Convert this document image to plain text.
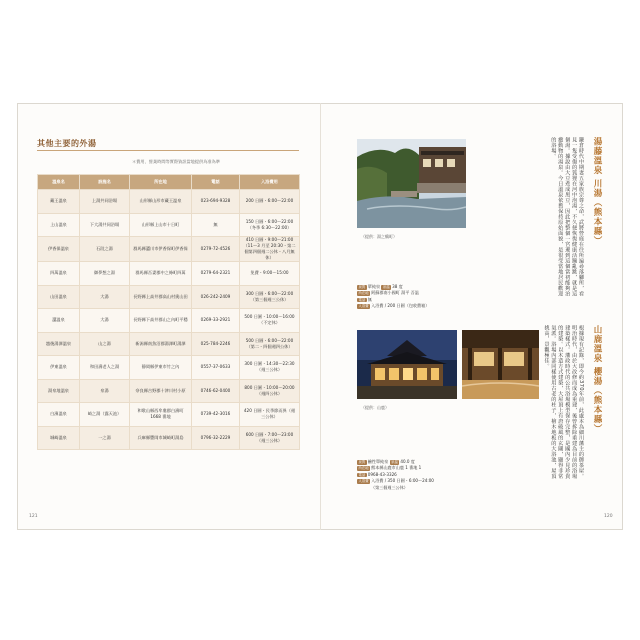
其他主要的外湯
＊費用、營業時間等實際資訊當地提供為准為準
溫泉名	設施名	所在地	電話	入浴費用
藏王溫泉	上湯共同浴場	山形縣山形市藏王溫泉	023-694-9328	200 日圓・6:00～22:00
上山溫泉	下大湯共同浴場	山形縣上山市十日町	無	150 日圓・6:00～22:00（冬季 6:30～22:00）
伊香保溫泉	石段之湯	群馬縣澀川市伊香保町伊香保	0279-72-4526	410 日圓・9:00～21:00（11～3 月至 20:30・第二個第四個週二公休・八月無休）
四萬溫泉	御夢想之湯	群馬縣吾妻郡中之條町四萬	0279-64-2321	免費・9:00～15:00
山田溫泉	大湯	長野縣上高井郡高山村奧山田	026-242-2409	300 日圓・6:00～22:00（第三個週三公休）
澀溫泉	大湯	長野縣下高井郡山之內町平穩	0269-33-2921	500 日圓・10:00～16:00（不定休）
越後湯澤溫泉	山之湯	新潟縣南魚沼郡湯澤町湯澤	025-784-2246	500 日圓・6:00～22:00（第二・四個週四公休）
伊東溫泉	和田壽老人之湯	靜岡縣伊東市竹之內	0557-37-0633	300 日圓・14:30～22:30（週三公休）
湯泉地溫泉	泉湯	奈良縣吉野郡十津川村小原	0746-62-0400	800 日圓・10:00～20:00（週四公休）
白濱溫泉	崎之湯（露天池）	和歌山縣西牟婁郡白濱町 1668 番地	0739-42-3016	420 日圓・民季節而異（週三公休）
城崎溫泉	一之湯	兵庫縣豐岡市城崎町湯島	0796-32-2229	600 日圓・7:00～23:00（週三公休）
121
（提供：湯之鶴町）	湯藤溫泉 川湯（熊本縣）
鎌倉時代中期妻五家族宗尊之命，武將營庭在往所遍尋落腳所，看見一隻受傷的狐狸在河中泡湯，不久便恢復健康活蹦亂跳，就是這個湯。據說由大豆煮成黑豆，因此把整個一宮遷到這個當初能夠治癒動物的湯泉。今日溫泉依舊保持原始面貌，是很受當地居民歡迎的浴場。
泉質 單純泉 泉溫 38 度
所在地 阿蘇郡南小國町 湯平 吾温
電話 無
入浴費 入浴費 / 200 日圓（包收費箱）
（提供：山鹿）	山鹿溫泉 櫻湯（熊本縣）
根據現有記錄，即今約370年前，此處本為細川藩主的御茶屋。明治時代，由於大改修而成為重建，後曾拆除重建為目前的浴場建築樣式。藩政時代的公共浴場模型保存完整，是國內少見珍貴的建築。以木造方式建築，大屋頂上有唐破風的玄關，顯得非常氣派。浴場內部同樣使用古老的柱子，檜木地板的大浴池，屋頂挑高，景觀極佳。
泉質 鹼性單純泉 泉溫 40.0 度
所在地 熊本縣山鹿市山鹿 1 番地 1
電話 0968-43-3326
入浴費 入浴費 / 350 日圓・6:00～24:00
（第三個週三公休）
120
